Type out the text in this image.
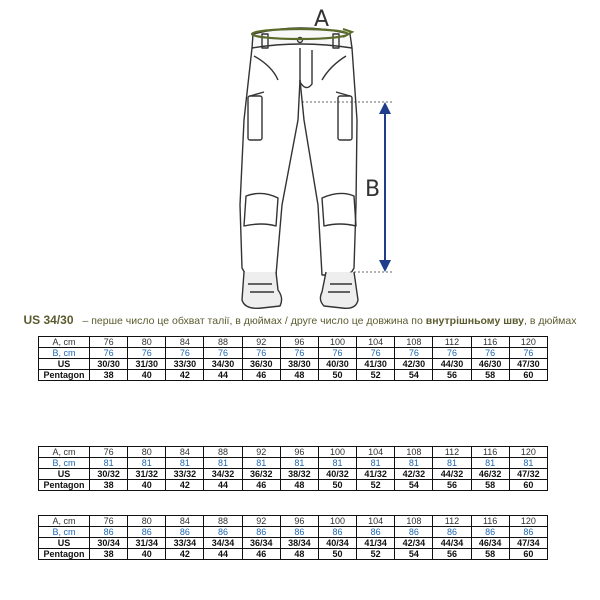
A
B
US 34/30 – перше число це обхват талії, в дюймах / друге число це довжина по внутрішньому шву, в дюймах
A, cm	76	80	84	88	92	96	100	104	108	112	116	120
B, cm	76	76	76	76	76	76	76	76	76	76	76	76
US	30/30	31/30	33/30	34/30	36/30	38/30	40/30	41/30	42/30	44/30	46/30	47/30
Pentagon	38	40	42	44	46	48	50	52	54	56	58	60
A, cm	76	80	84	88	92	96	100	104	108	112	116	120
B, cm	81	81	81	81	81	81	81	81	81	81	81	81
US	30/32	31/32	33/32	34/32	36/32	38/32	40/32	41/32	42/32	44/32	46/32	47/32
Pentagon	38	40	42	44	46	48	50	52	54	56	58	60
A, cm	76	80	84	88	92	96	100	104	108	112	116	120
B, cm	86	86	86	86	86	86	86	86	86	86	86	86
US	30/34	31/34	33/34	34/34	36/34	38/34	40/34	41/34	42/34	44/34	46/34	47/34
Pentagon	38	40	42	44	46	48	50	52	54	56	58	60
